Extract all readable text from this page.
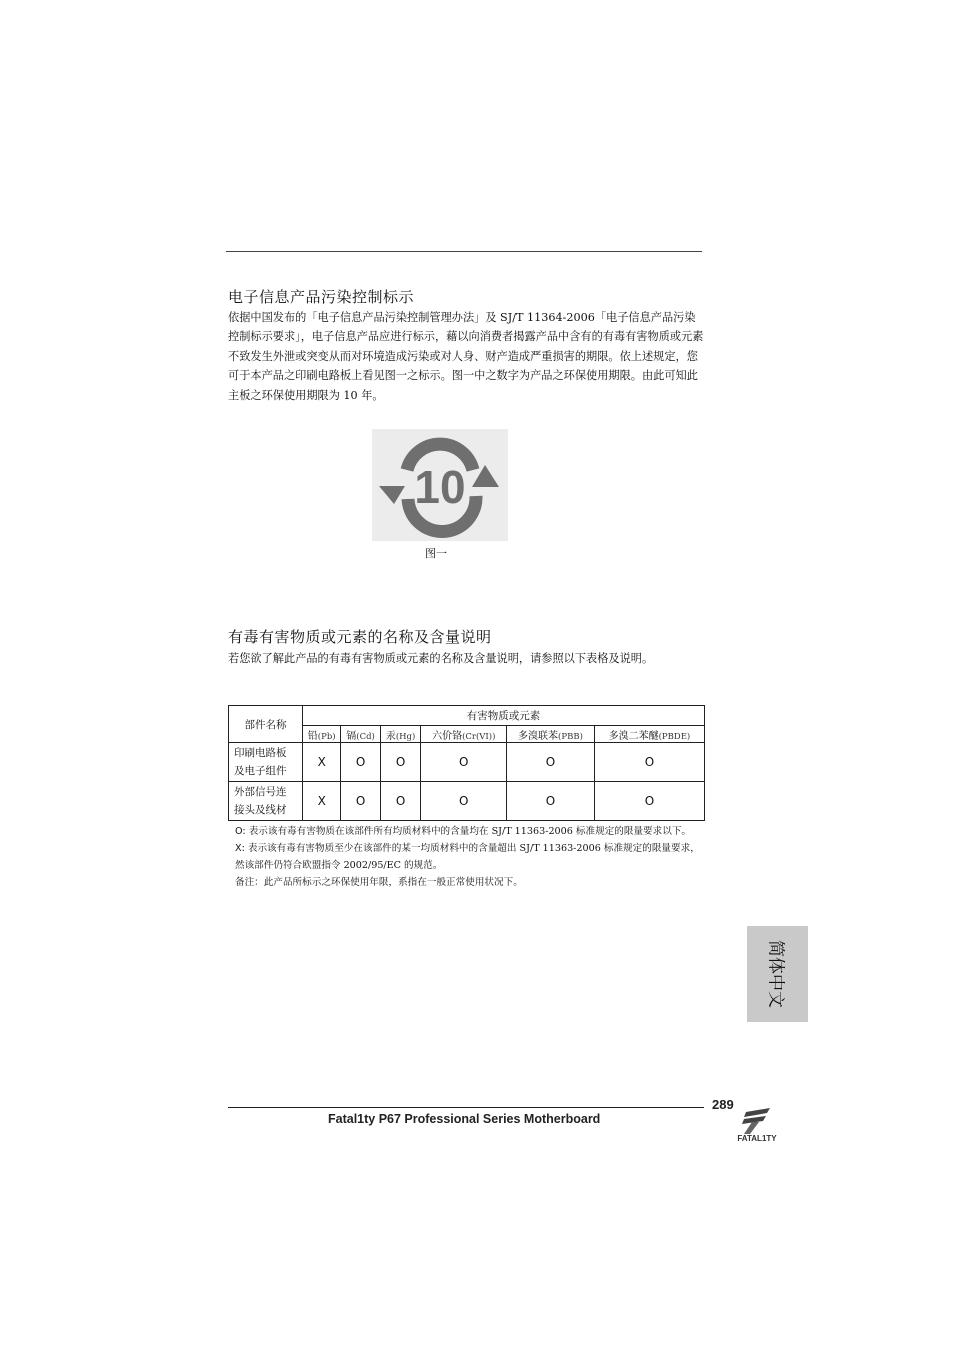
电子信息产品污染控制标示
依据中国发布的「电子信息产品污染控制管理办法」及 SJ/T 11364-2006「电子信息产品污染控制标示要求」，电子信息产品应进行标示，藉以向消费者揭露产品中含有的有毒有害物质或元素不致发生外泄或突变从而对环境造成污染或对人身、财产造成严重损害的期限。依上述规定，您可于本产品之印刷电路板上看见图一之标示。图一中之数字为产品之环保使用期限。由此可知此主板之环保使用期限为 10 年。
10
图一
有毒有害物质或元素的名称及含量说明
若您欲了解此产品的有毒有害物质或元素的名称及含量说明，请参照以下表格及说明。
部件名称	有害物质或元素					
	铅(Pb)	镉(Cd)	汞(Hg)	六价铬(Cr(VI))	多溴联苯(PBB)	多溴二苯醚(PBDE)
印刷电路板
及电子组件	X	O	O	O	O	O
外部信号连
接头及线材	X	O	O	O	O	O
O: 表示该有毒有害物质在该部件所有均质材料中的含量均在 SJ/T 11363-2006 标准规定的限量要求以下。
X: 表示该有毒有害物质至少在该部件的某一均质材料中的含量超出 SJ/T 11363-2006 标准规定的限量要求，然该部件仍符合欧盟指令 2002/95/EC 的规范。
备注：此产品所标示之环保使用年限，系指在一般正常使用状况下。
简体中文
Fatal1ty P67 Professional Series Motherboard
289
FATAL1TY
